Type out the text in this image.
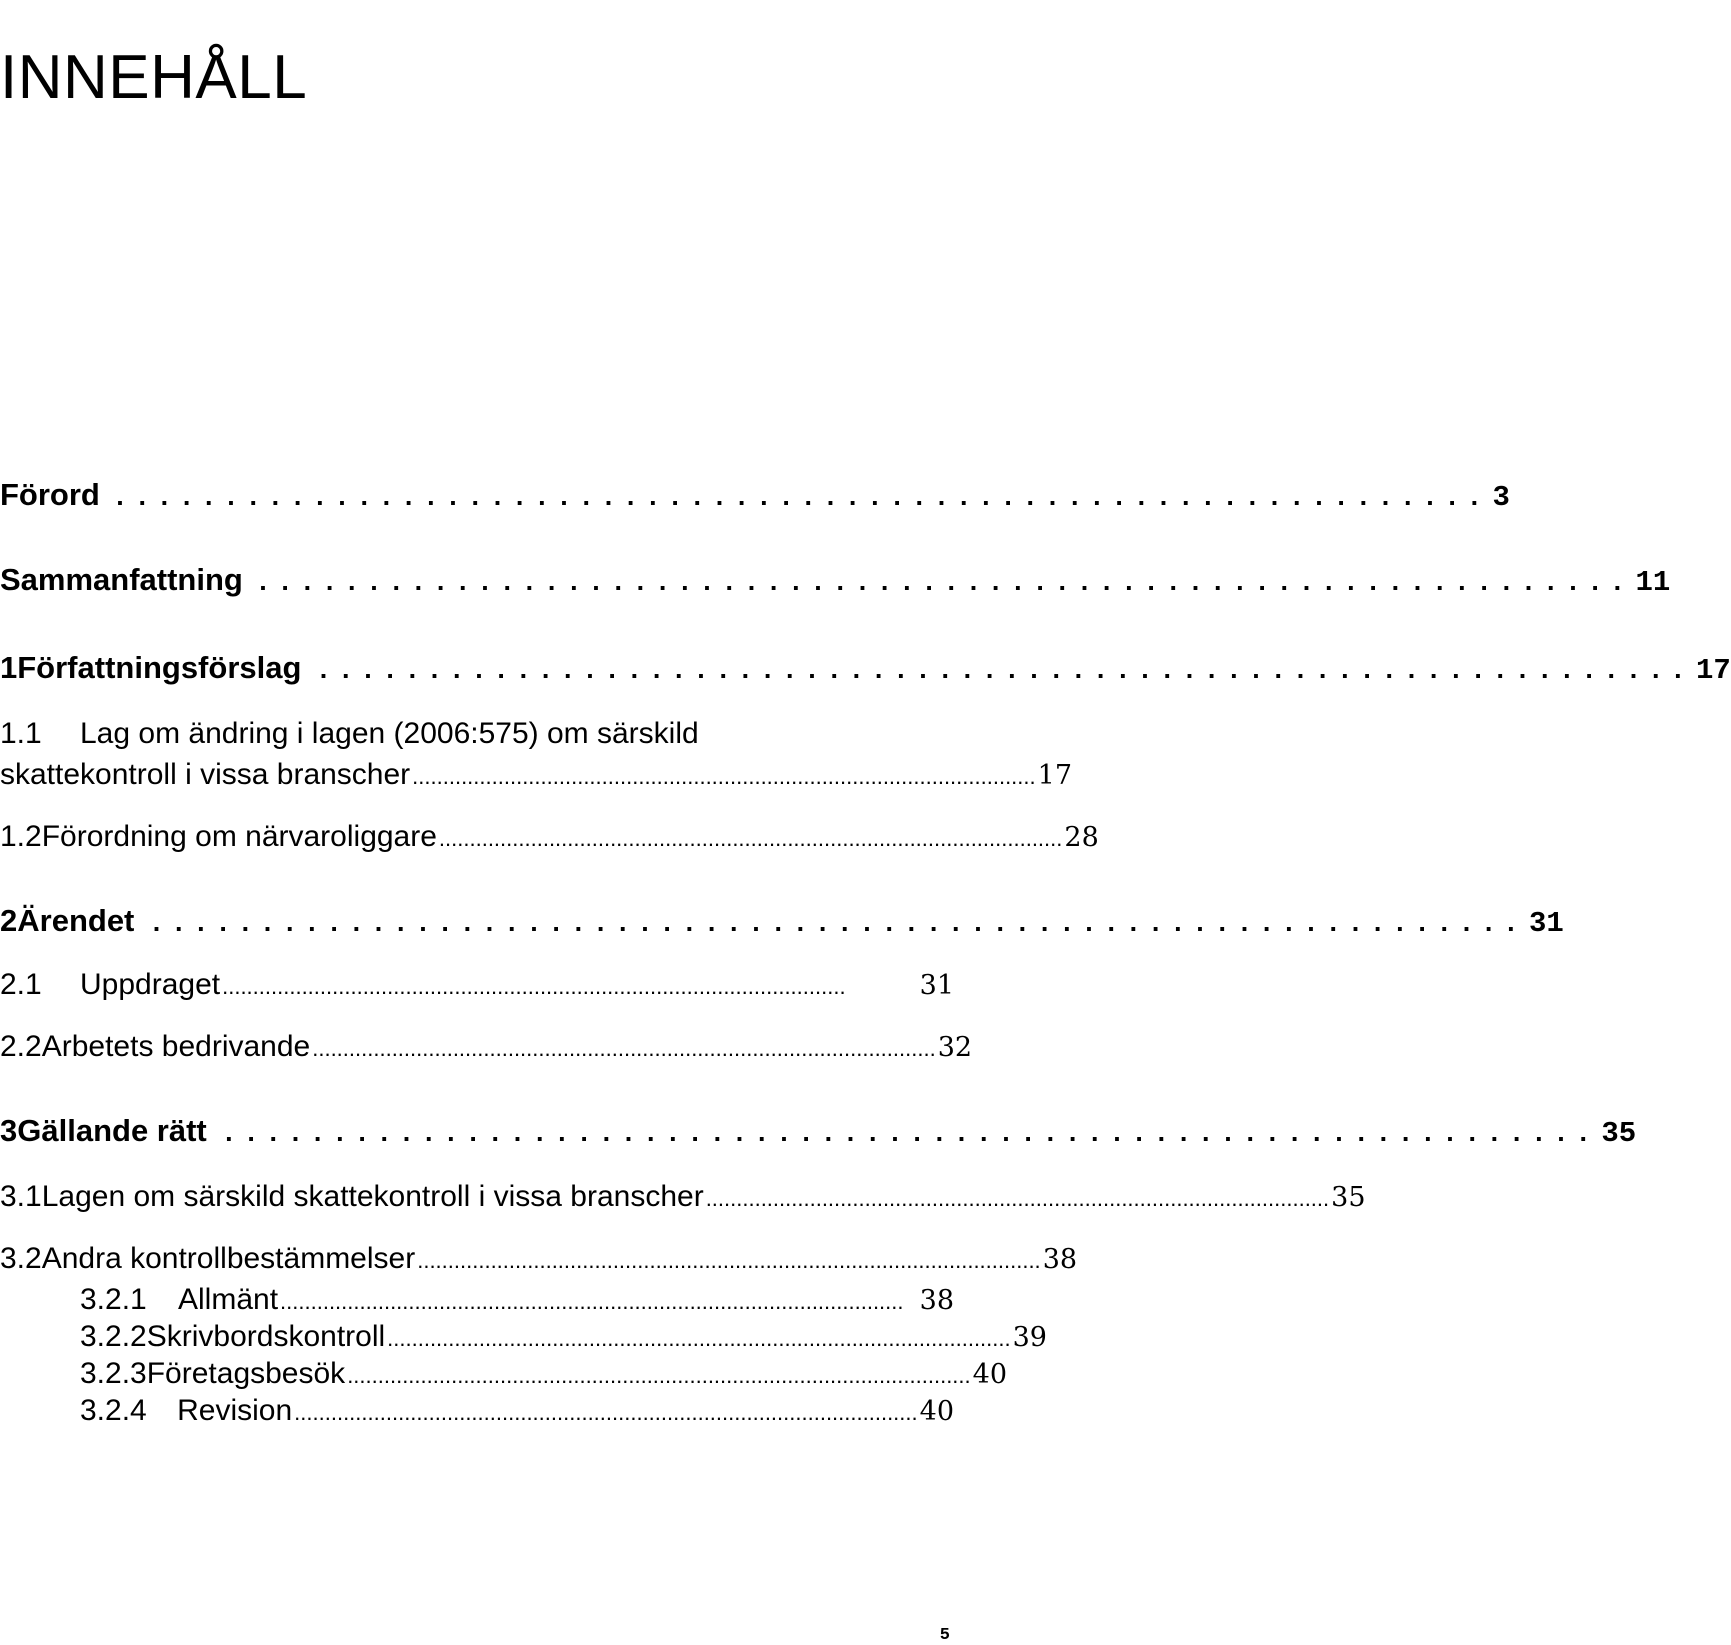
INNEHÅLL
Förord .............................................................. 3
Sammanfattning .............................................................. 11
1 Författningsförslag .............................................................. 17
1.1	Lag om ändring i lagen (2006:575) om särskild
skattekontroll i vissa branscher ...................................................................................................... 17
1.2 Förordning om närvaroliggare ...................................................................................................... 28
2 Ärendet .............................................................. 31
2.1	Uppdraget ......................................................................................................	31
2.2 Arbetets bedrivande ...................................................................................................... 32
3 Gällande rätt .............................................................. 35
3.1 Lagen om särskild skattekontroll i vissa branscher ...................................................................................................... 35
3.2 Andra kontrollbestämmelser ...................................................................................................... 38
3.2.1	Allmänt ...................................................................................................... 38
3.2.2 Skrivbordskontroll ...................................................................................................... 39
3.2.3 Företagsbesök ...................................................................................................... 40
3.2.4	Revision ...................................................................................................... 40
5
